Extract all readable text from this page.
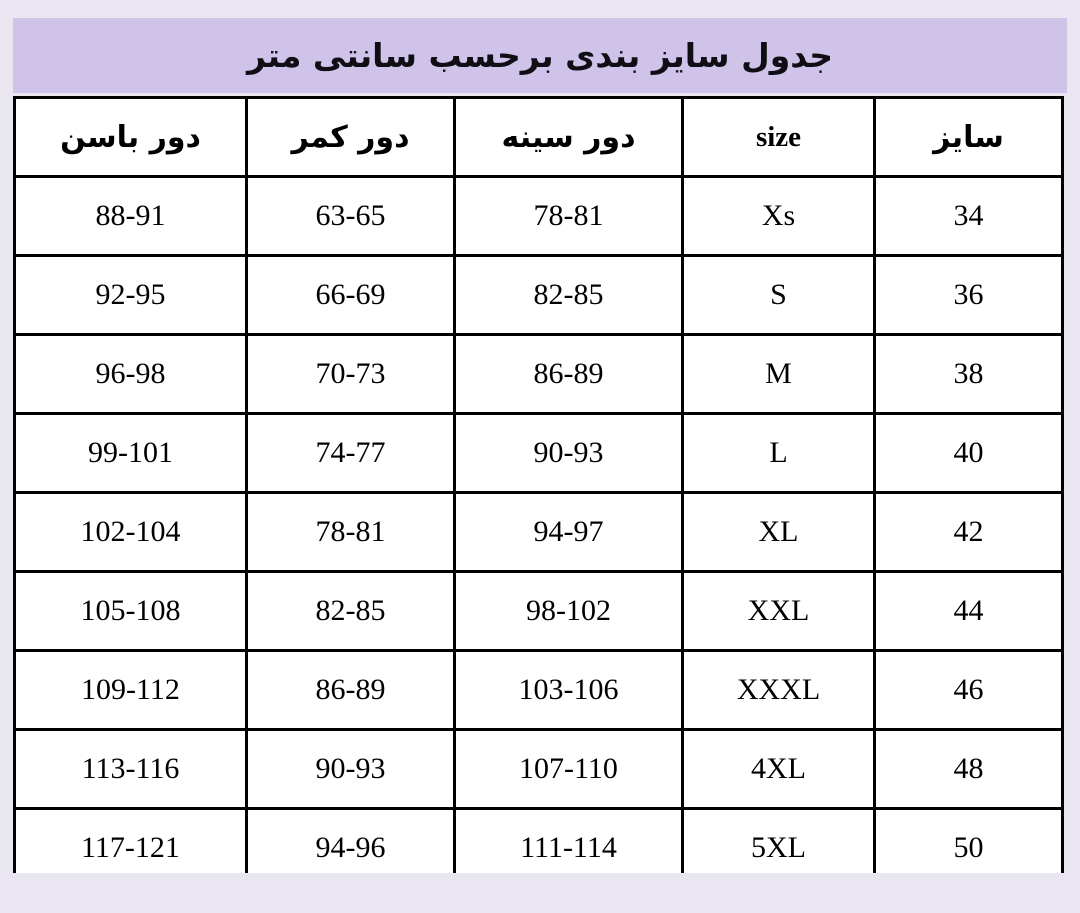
جدول سایز بندی برحسب سانتی متر
سایز	size	دور سینه	دور کمر	دور باسن
34	Xs	78-81	63-65	88-91
36	S	82-85	66-69	92-95
38	M	86-89	70-73	96-98
40	L	90-93	74-77	99-101
42	XL	94-97	78-81	102-104
44	XXL	98-102	82-85	105-108
46	XXXL	103-106	86-89	109-112
48	4XL	107-110	90-93	113-116
50	5XL	111-114	94-96	117-121
